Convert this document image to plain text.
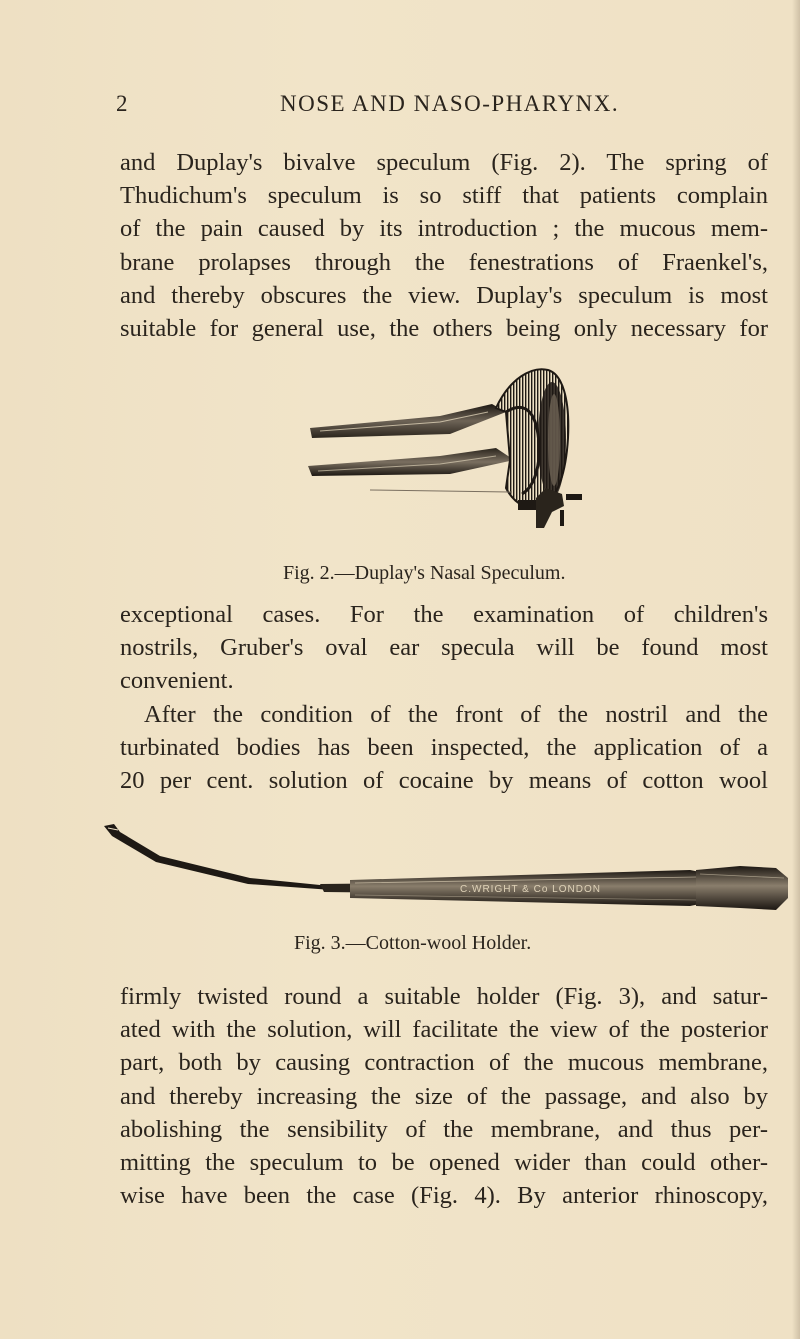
2	NOSE AND NASO-PHARYNX.

and Duplay's bivalve speculum (Fig. 2). The spring of
Thudichum's speculum is so stiff that patients complain
of the pain caused by its introduction ; the mucous mem-
brane prolapses through the fenestrations of Fraenkel's,
and thereby obscures the view. Duplay's speculum is most
suitable for general use, the others being only necessary for

Fig. 2.—Duplay's Nasal Speculum.

exceptional cases. For the examination of children's
nostrils, Gruber's oval ear specula will be found most
convenient.
After the condition of the front of the nostril and the
turbinated bodies has been inspected, the application of a
20 per cent. solution of cocaine by means of cotton wool

C.WRIGHT & Co LONDON
Fig. 3.—Cotton-wool Holder.

firmly twisted round a suitable holder (Fig. 3), and satur-
ated with the solution, will facilitate the view of the posterior
part, both by causing contraction of the mucous membrane,
and thereby increasing the size of the passage, and also by
abolishing the sensibility of the membrane, and thus per-
mitting the speculum to be opened wider than could other-
wise have been the case (Fig. 4). By anterior rhinoscopy,
